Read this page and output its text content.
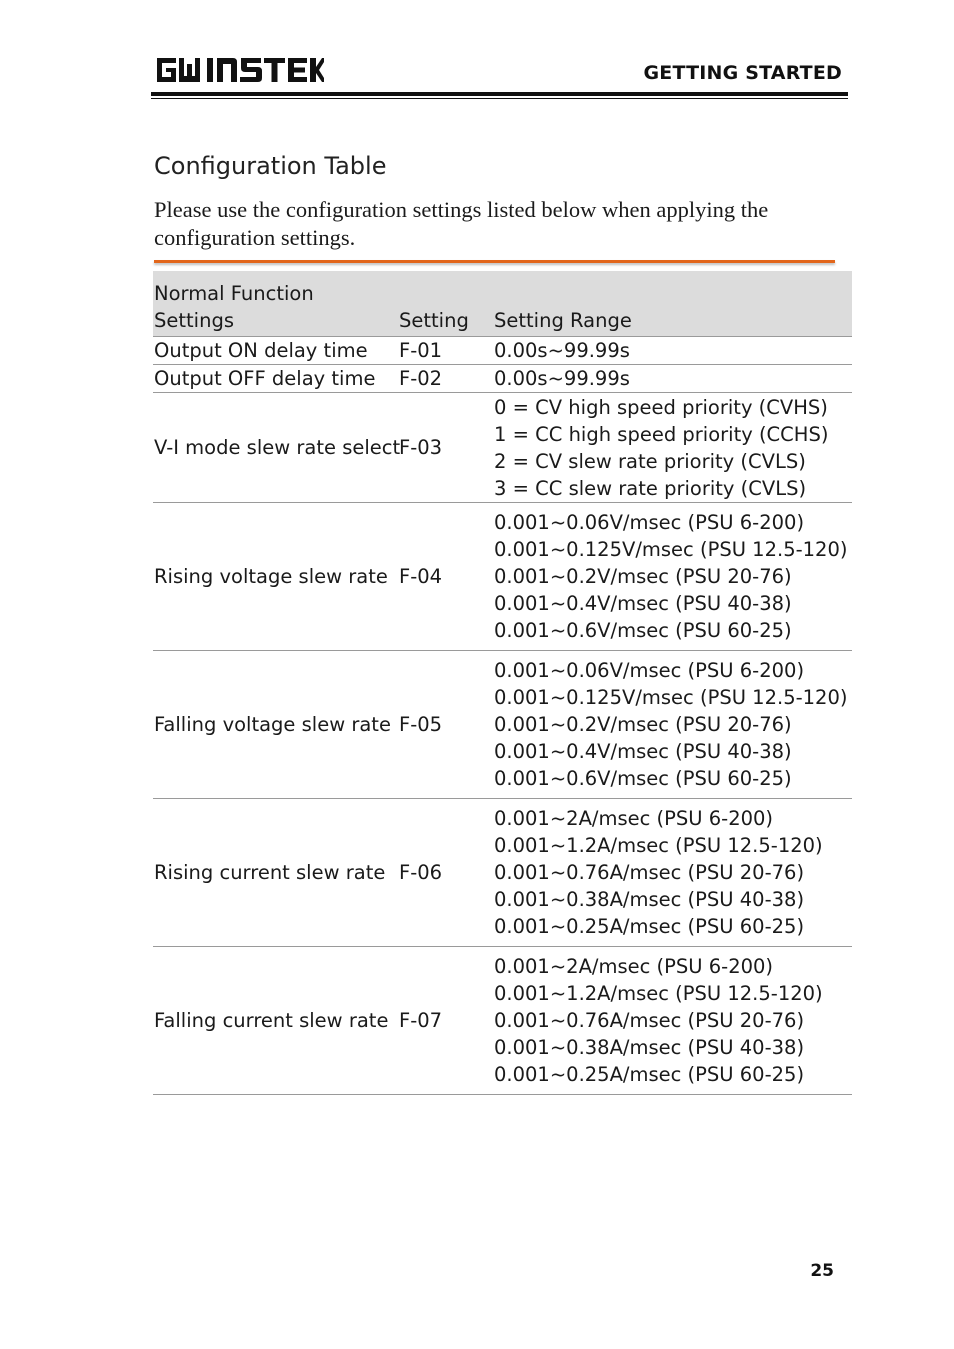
GETTING STARTED
Configuration Table
Please use the configuration settings listed below when applying the configuration settings.
Normal Function
Settings	Setting	Setting Range
Output ON delay time	F-01	0.00s~99.99s

Output OFF delay time	F-02	0.00s~99.99s

V-I mode slew rate select	F-03	0 = CV high speed priority (CVHS)
1 = CC high speed priority (CCHS)
2 = CV slew rate priority (CVLS)
3 = CC slew rate priority (CVLS)

Rising voltage slew rate	F-04	0.001~0.06V/msec (PSU 6-200)
0.001~0.125V/msec (PSU 12.5-120)
0.001~0.2V/msec (PSU 20-76)
0.001~0.4V/msec (PSU 40-38)
0.001~0.6V/msec (PSU 60-25)

Falling voltage slew rate	F-05	0.001~0.06V/msec (PSU 6-200)
0.001~0.125V/msec (PSU 12.5-120)
0.001~0.2V/msec (PSU 20-76)
0.001~0.4V/msec (PSU 40-38)
0.001~0.6V/msec (PSU 60-25)

Rising current slew rate	F-06	0.001~2A/msec (PSU 6-200)
0.001~1.2A/msec (PSU 12.5-120)
0.001~0.76A/msec (PSU 20-76)
0.001~0.38A/msec (PSU 40-38)
0.001~0.25A/msec (PSU 60-25)

Falling current slew rate	F-07	0.001~2A/msec (PSU 6-200)
0.001~1.2A/msec (PSU 12.5-120)
0.001~0.76A/msec (PSU 20-76)
0.001~0.38A/msec (PSU 40-38)
0.001~0.25A/msec (PSU 60-25)
25
